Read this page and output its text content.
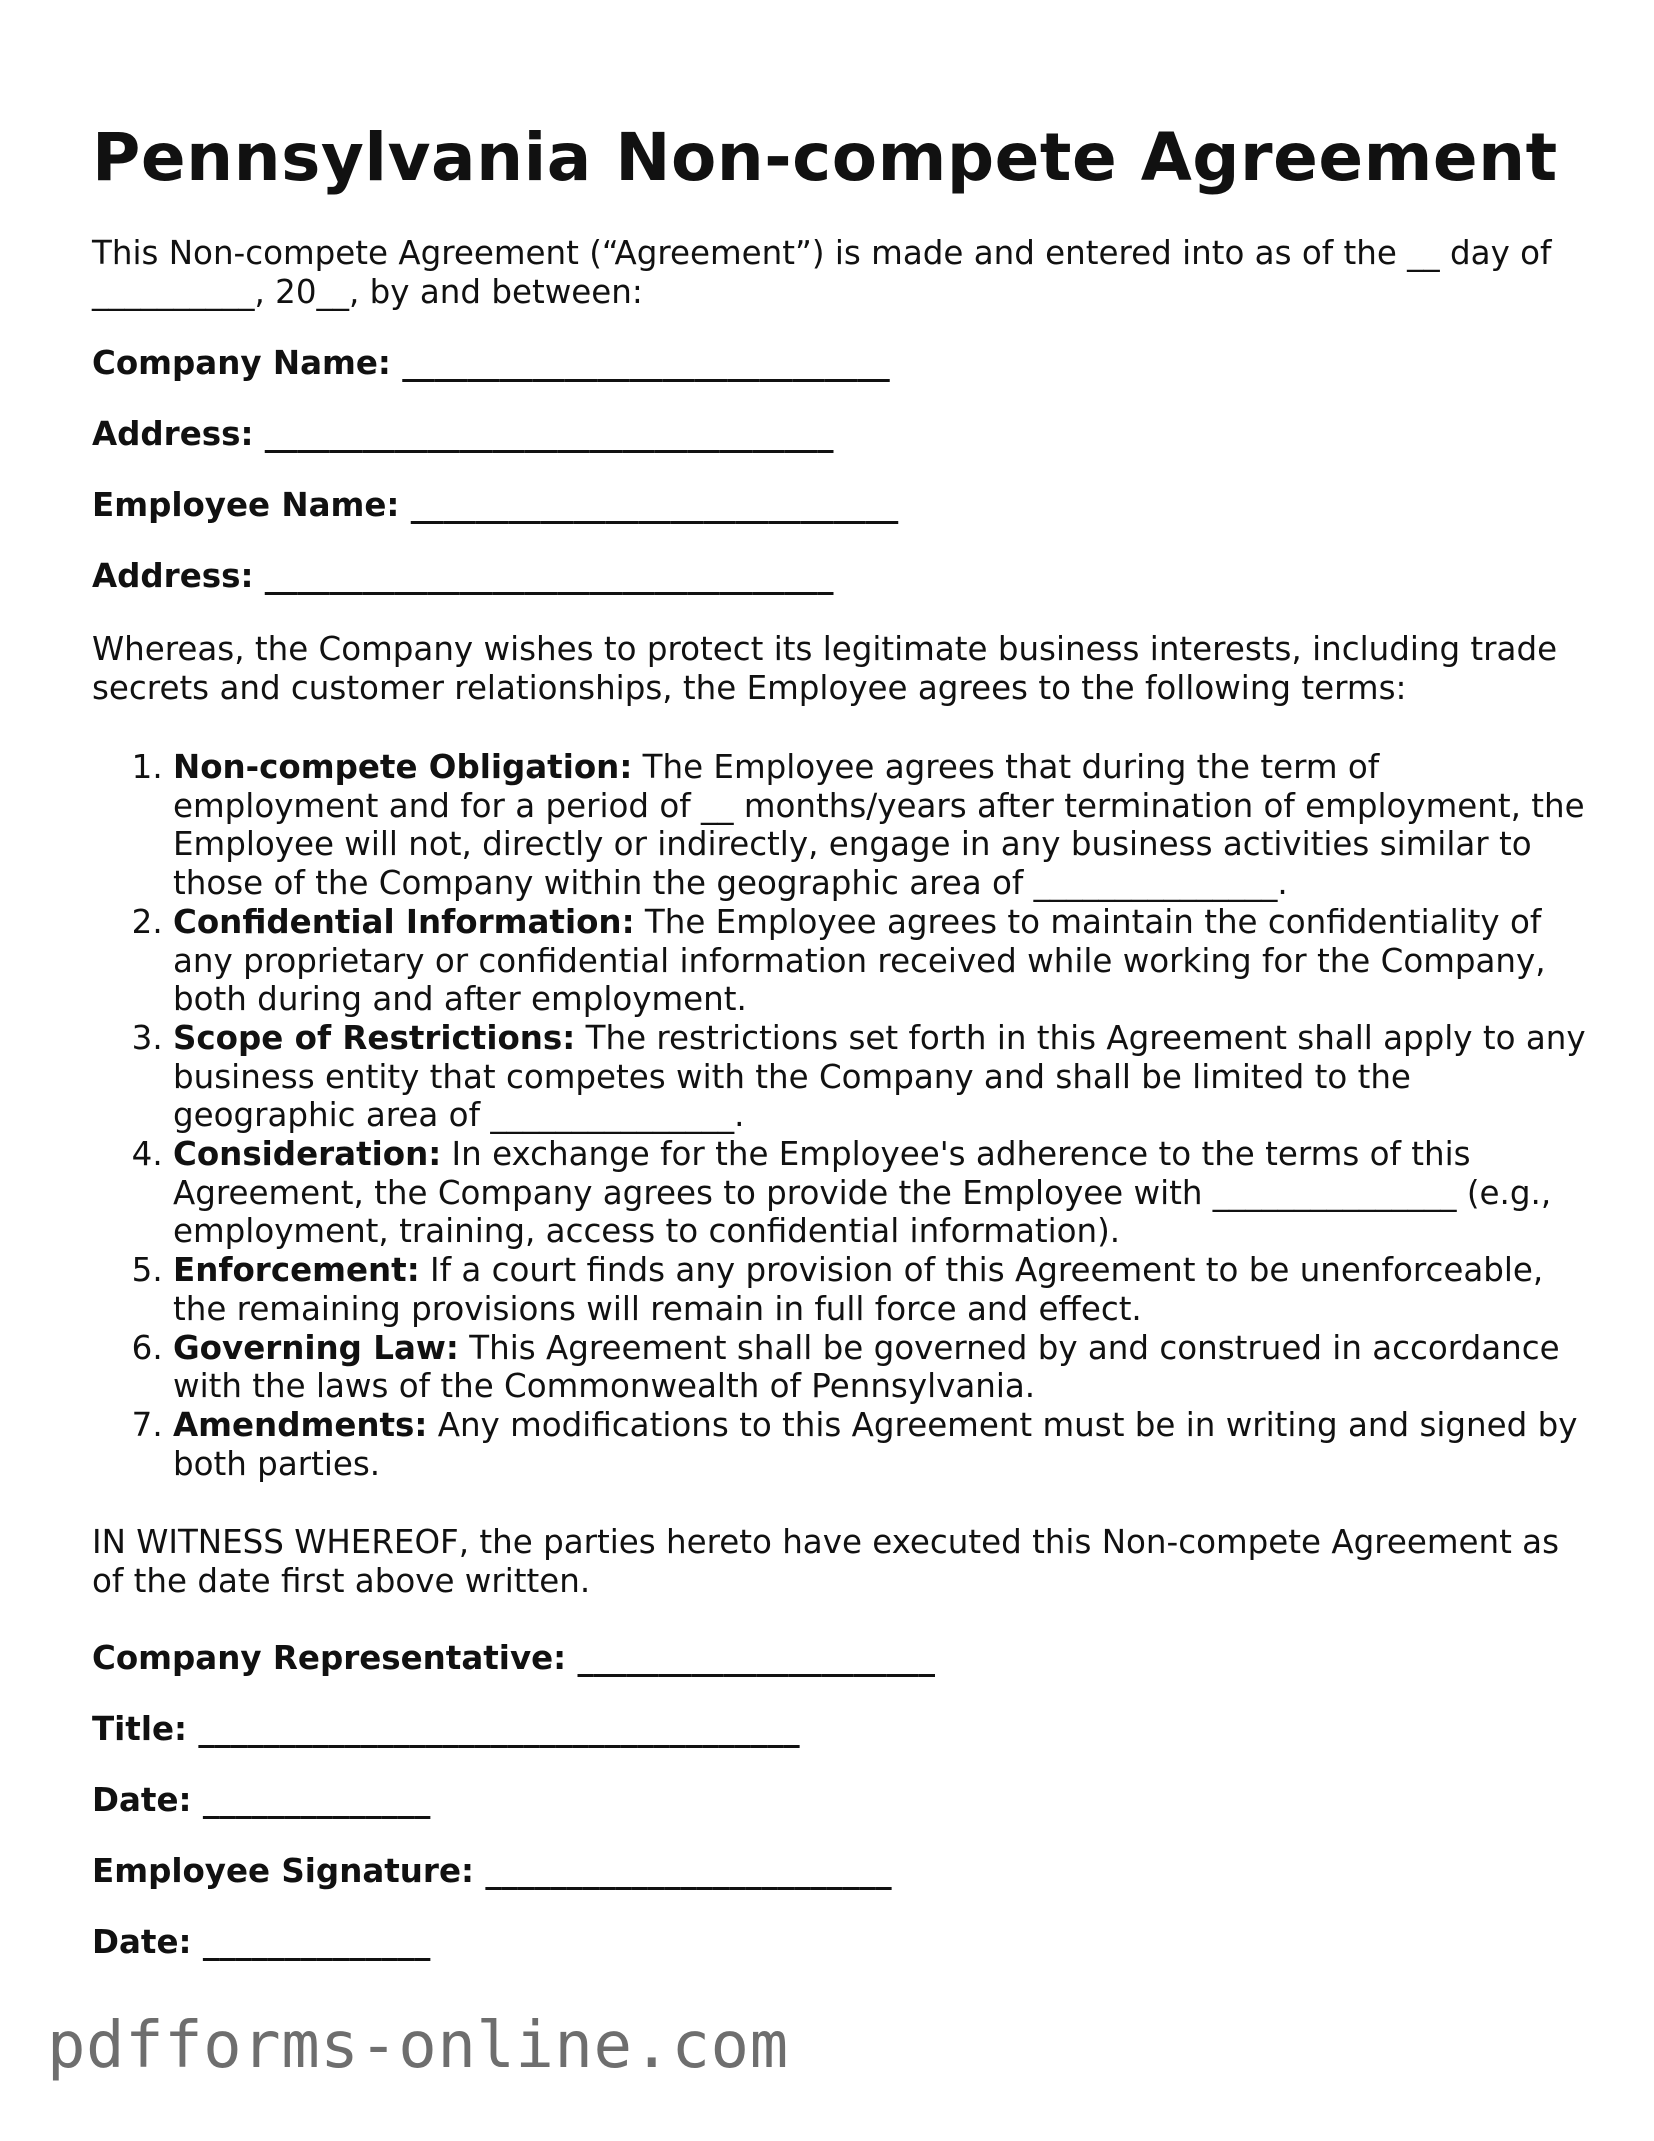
Pennsylvania Non-compete Agreement

This Non-compete Agreement (“Agreement”) is made and entered into as of the __ day of __________, 20__, by and between:

Company Name: ______________________________
Address: ___________________________________
Employee Name: ______________________________
Address: ___________________________________

Whereas, the Company wishes to protect its legitimate business interests, including trade secrets and customer relationships, the Employee agrees to the following terms:

1. Non-compete Obligation: The Employee agrees that during the term of employment and for a period of __ months/years after termination of employment, the Employee will not, directly or indirectly, engage in any business activities similar to those of the Company within the geographic area of _______________.
2. Confidential Information: The Employee agrees to maintain the confidentiality of any proprietary or confidential information received while working for the Company, both during and after employment.
3. Scope of Restrictions: The restrictions set forth in this Agreement shall apply to any business entity that competes with the Company and shall be limited to the geographic area of _______________.
4. Consideration: In exchange for the Employee's adherence to the terms of this Agreement, the Company agrees to provide the Employee with _______________ (e.g., employment, training, access to confidential information).
5. Enforcement: If a court finds any provision of this Agreement to be unenforceable, the remaining provisions will remain in full force and effect.
6. Governing Law: This Agreement shall be governed by and construed in accordance with the laws of the Commonwealth of Pennsylvania.
7. Amendments: Any modifications to this Agreement must be in writing and signed by both parties.

IN WITNESS WHEREOF, the parties hereto have executed this Non-compete Agreement as of the date first above written.

Company Representative: ______________________
Title: _____________________________________
Date: ______________
Employee Signature: _________________________
Date: ______________
pdfforms-online.com
